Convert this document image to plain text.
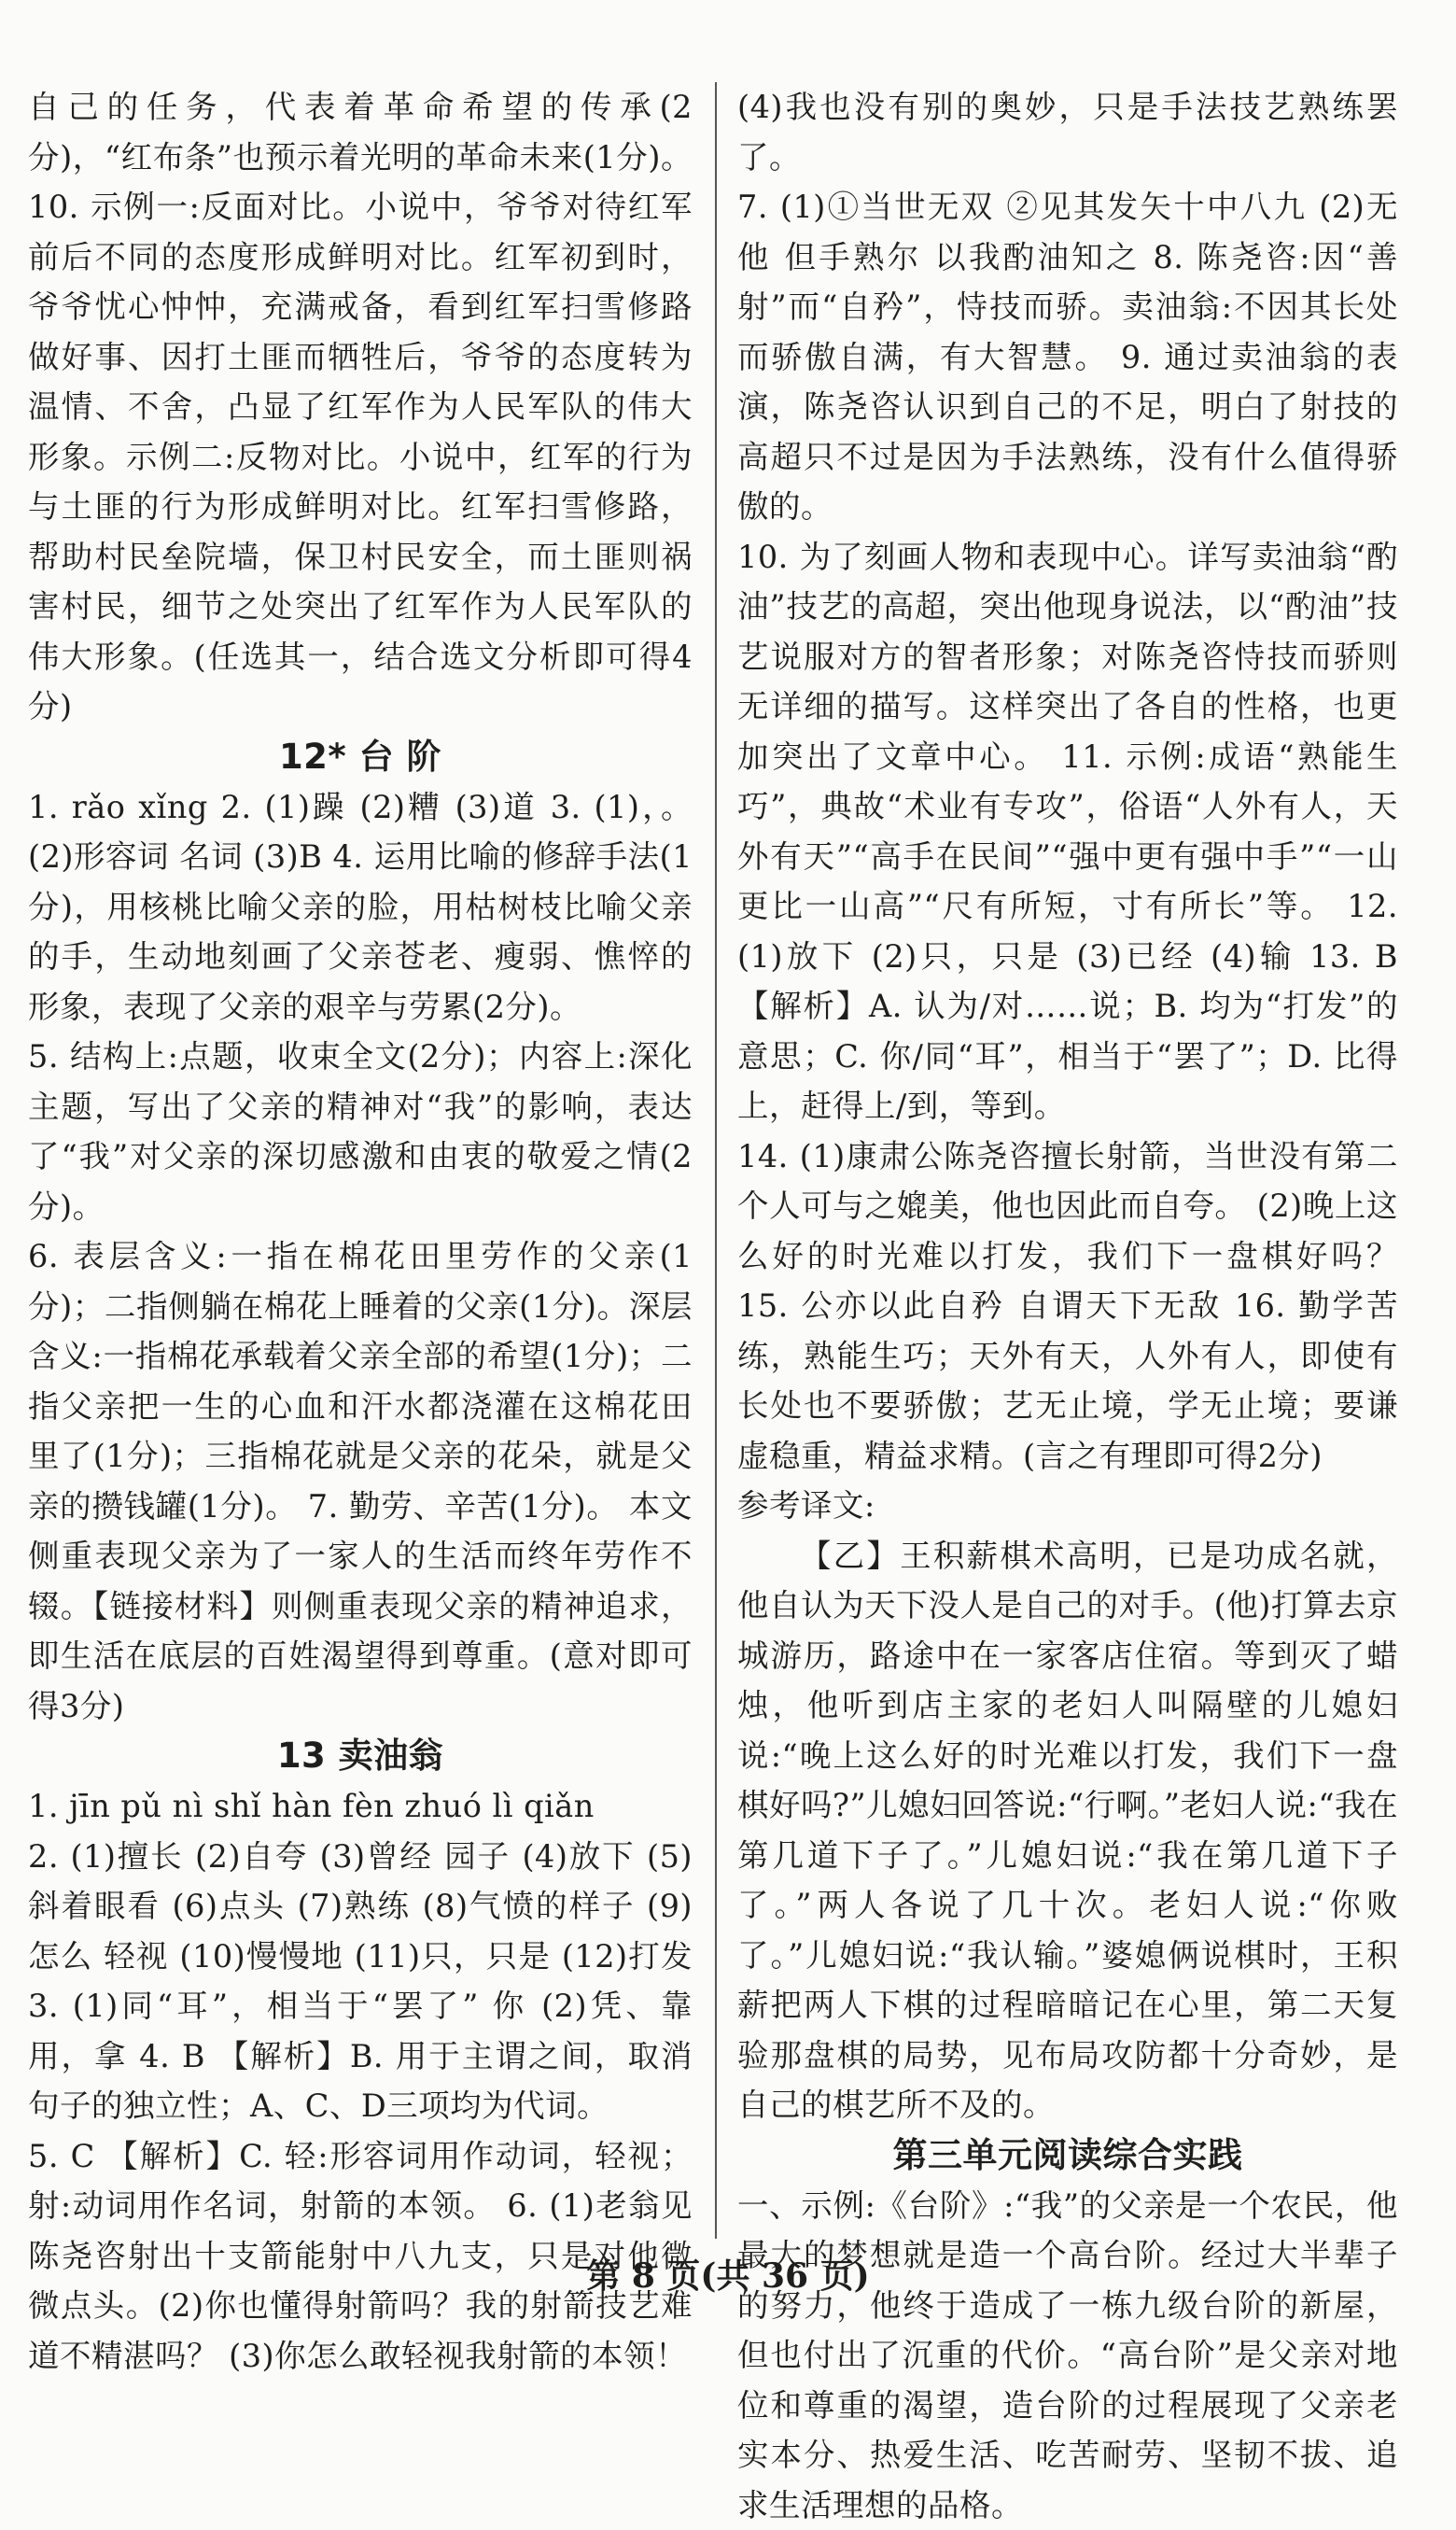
自己的任务，代表着革命希望的传承(2分)，“红布条”也预示着光明的革命未来(1分)。 10. 示例一:反面对比。小说中，爷爷对待红军前后不同的态度形成鲜明对比。红军初到时，爷爷忧心忡忡，充满戒备，看到红军扫雪修路做好事、因打土匪而牺牲后，爷爷的态度转为温情、不舍，凸显了红军作为人民军队的伟大形象。示例二:反物对比。小说中，红军的行为与土匪的行为形成鲜明对比。红军扫雪修路，帮助村民垒院墙，保卫村民安全，而土匪则祸害村民，细节之处突出了红军作为人民军队的伟大形象。(任选其一，结合选文分析即可得4分)

12* 台 阶

1. rǎo xǐng 2. (1)躁 (2)糟 (3)道 3. (1)，。 (2)形容词 名词 (3)B 4. 运用比喻的修辞手法(1分)，用核桃比喻父亲的脸，用枯树枝比喻父亲的手，生动地刻画了父亲苍老、瘦弱、憔悴的形象，表现了父亲的艰辛与劳累(2分)。

5. 结构上:点题，收束全文(2分)；内容上:深化主题，写出了父亲的精神对“我”的影响，表达了“我”对父亲的深切感激和由衷的敬爱之情(2分)。

6. 表层含义:一指在棉花田里劳作的父亲(1分)；二指侧躺在棉花上睡着的父亲(1分)。深层含义:一指棉花承载着父亲全部的希望(1分)；二指父亲把一生的心血和汗水都浇灌在这棉花田里了(1分)；三指棉花就是父亲的花朵，就是父亲的攒钱罐(1分)。 7. 勤劳、辛苦(1分)。 本文侧重表现父亲为了一家人的生活而终年劳作不辍。【链接材料】则侧重表现父亲的精神追求，即生活在底层的百姓渴望得到尊重。(意对即可得3分)

13 卖油翁

1. jīn pǔ nì shǐ hàn fèn zhuó lì qiǎn

2. (1)擅长 (2)自夸 (3)曾经 园子 (4)放下 (5)斜着眼看 (6)点头 (7)熟练 (8)气愤的样子 (9)怎么 轻视 (10)慢慢地 (11)只，只是 (12)打发 3. (1)同“耳”，相当于“罢了” 你 (2)凭、靠 用，拿 4. B 【解析】B. 用于主谓之间，取消句子的独立性；A、C、D三项均为代词。

5. C 【解析】C. 轻:形容词用作动词，轻视；射:动词用作名词，射箭的本领。 6. (1)老翁见陈尧咨射出十支箭能射中八九支，只是对他微微点头。(2)你也懂得射箭吗？我的射箭技艺难道不精湛吗？ (3)你怎么敢轻视我射箭的本领！

(4)我也没有别的奥妙，只是手法技艺熟练罢了。

7. (1)①当世无双 ②见其发矢十中八九 (2)无他 但手熟尔 以我酌油知之 8. 陈尧咨:因“善射”而“自矜”，恃技而骄。卖油翁:不因其长处而骄傲自满，有大智慧。 9. 通过卖油翁的表演，陈尧咨认识到自己的不足，明白了射技的高超只不过是因为手法熟练，没有什么值得骄傲的。

10. 为了刻画人物和表现中心。详写卖油翁“酌油”技艺的高超，突出他现身说法，以“酌油”技艺说服对方的智者形象；对陈尧咨恃技而骄则无详细的描写。这样突出了各自的性格，也更加突出了文章中心。 11. 示例:成语“熟能生巧”，典故“术业有专攻”，俗语“人外有人，天外有天”“高手在民间”“强中更有强中手”“一山更比一山高”“尺有所短，寸有所长”等。 12. (1)放下 (2)只，只是 (3)已经 (4)输 13. B 【解析】A. 认为/对……说；B. 均为“打发”的意思；C. 你/同“耳”，相当于“罢了”；D. 比得上，赶得上/到，等到。

14. (1)康肃公陈尧咨擅长射箭，当世没有第二个人可与之媲美，他也因此而自夸。 (2)晚上这么好的时光难以打发，我们下一盘棋好吗？ 15. 公亦以此自矜 自谓天下无敌 16. 勤学苦练，熟能生巧；天外有天，人外有人，即使有长处也不要骄傲；艺无止境，学无止境；要谦虚稳重，精益求精。(言之有理即可得2分)

参考译文:

【乙】王积薪棋术高明，已是功成名就，他自认为天下没人是自己的对手。(他)打算去京城游历，路途中在一家客店住宿。等到灭了蜡烛，他听到店主家的老妇人叫隔壁的儿媳妇说:“晚上这么好的时光难以打发，我们下一盘棋好吗?”儿媳妇回答说:“行啊。”老妇人说:“我在第几道下子了。”儿媳妇说:“我在第几道下子了。”两人各说了几十次。老妇人说:“你败了。”儿媳妇说:“我认输。”婆媳俩说棋时，王积薪把两人下棋的过程暗暗记在心里，第二天复验那盘棋的局势，见布局攻防都十分奇妙，是自己的棋艺所不及的。

第三单元阅读综合实践

一、示例:《台阶》:“我”的父亲是一个农民，他最大的梦想就是造一个高台阶。经过大半辈子的努力，他终于造成了一栋九级台阶的新屋，但也付出了沉重的代价。“高台阶”是父亲对地位和尊重的渴望，造台阶的过程展现了父亲老实本分、热爱生活、吃苦耐劳、坚韧不拔、追求生活理想的品格。

第 8 页(共 36 页)
